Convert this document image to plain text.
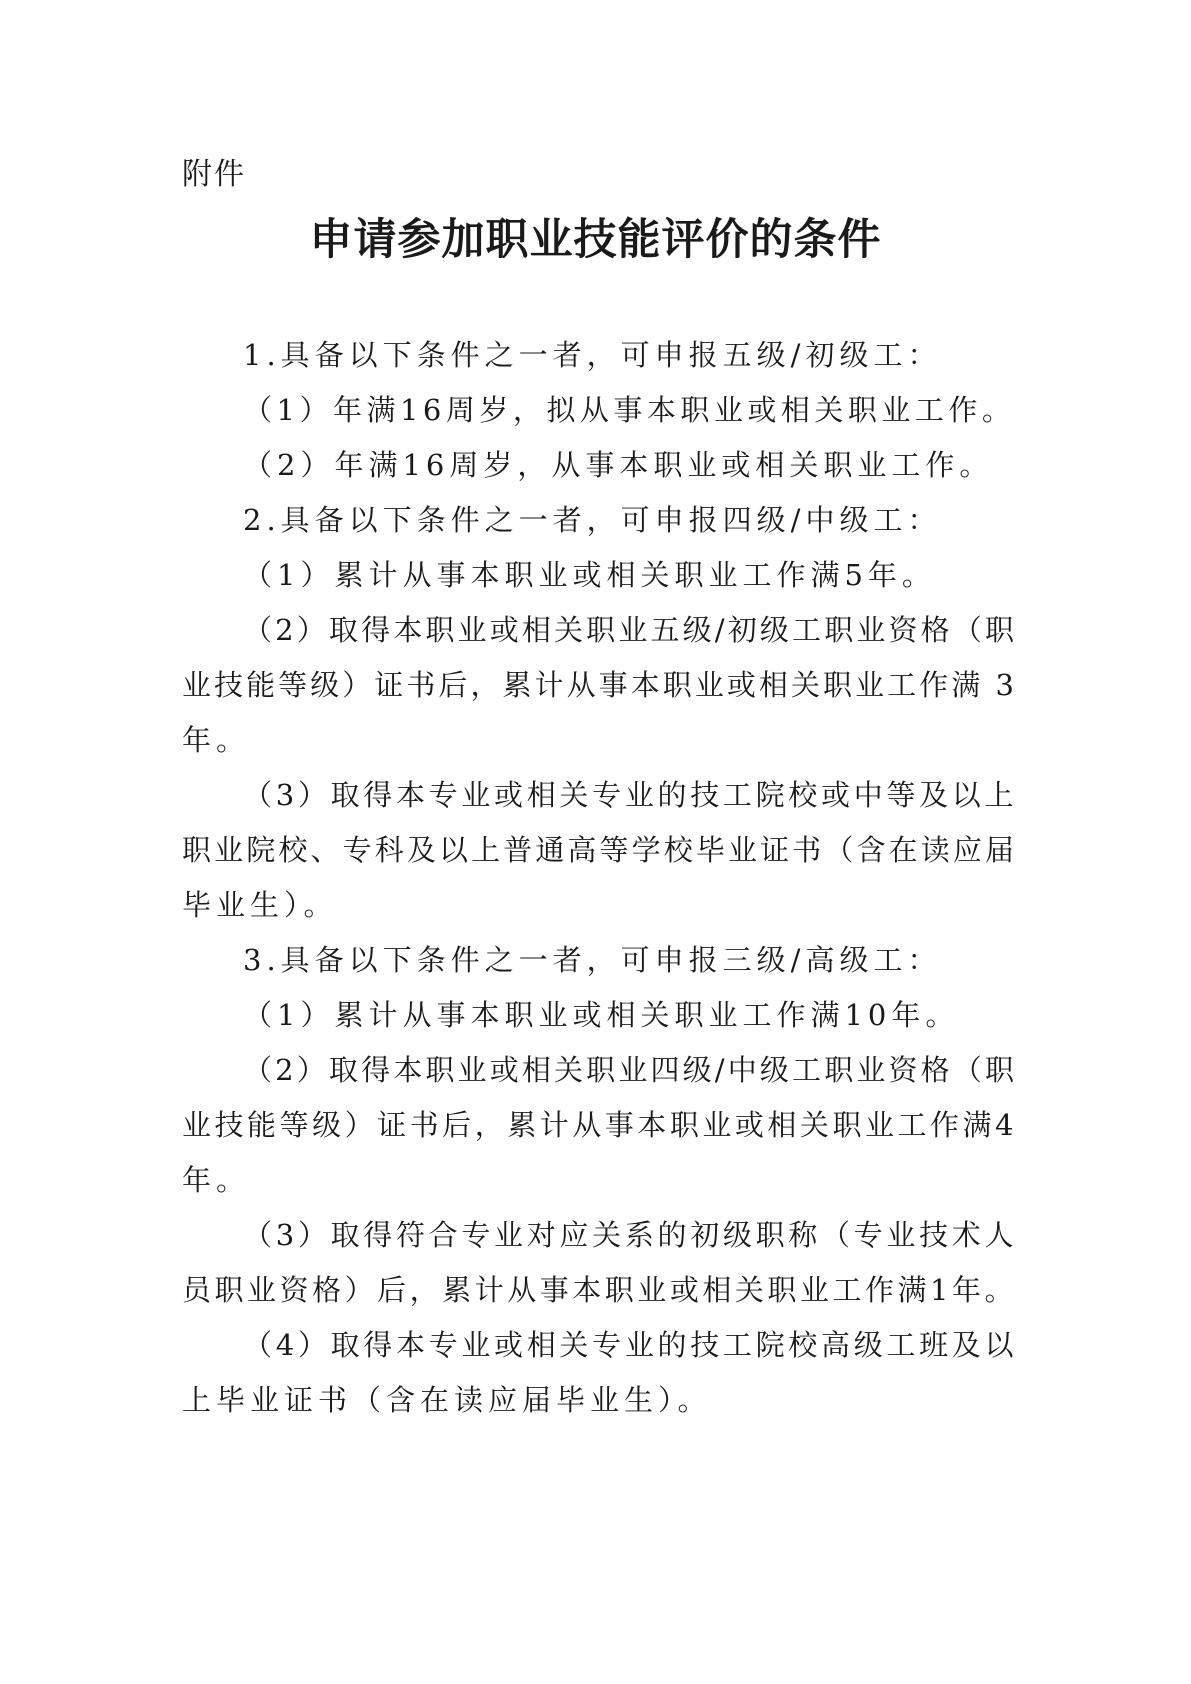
附件
申请参加职业技能评价的条件
1.具备以下条件之一者，可申报五级/初级工：
（1）年满16周岁，拟从事本职业或相关职业工作。
（2）年满16周岁，从事本职业或相关职业工作。
2.具备以下条件之一者，可申报四级/中级工：
（1）累计从事本职业或相关职业工作满5年。
（2）取得本职业或相关职业五级/初级工职业资格（职
业技能等级）证书后，累计从事本职业或相关职业工作满 3
年。
（3）取得本专业或相关专业的技工院校或中等及以上
职业院校、专科及以上普通高等学校毕业证书（含在读应届
毕业生）。
3.具备以下条件之一者，可申报三级/高级工：
（1）累计从事本职业或相关职业工作满10年。
（2）取得本职业或相关职业四级/中级工职业资格（职
业技能等级）证书后，累计从事本职业或相关职业工作满4
年。
（3）取得符合专业对应关系的初级职称（专业技术人
员职业资格）后，累计从事本职业或相关职业工作满1年。
（4）取得本专业或相关专业的技工院校高级工班及以
上毕业证书（含在读应届毕业生）。
